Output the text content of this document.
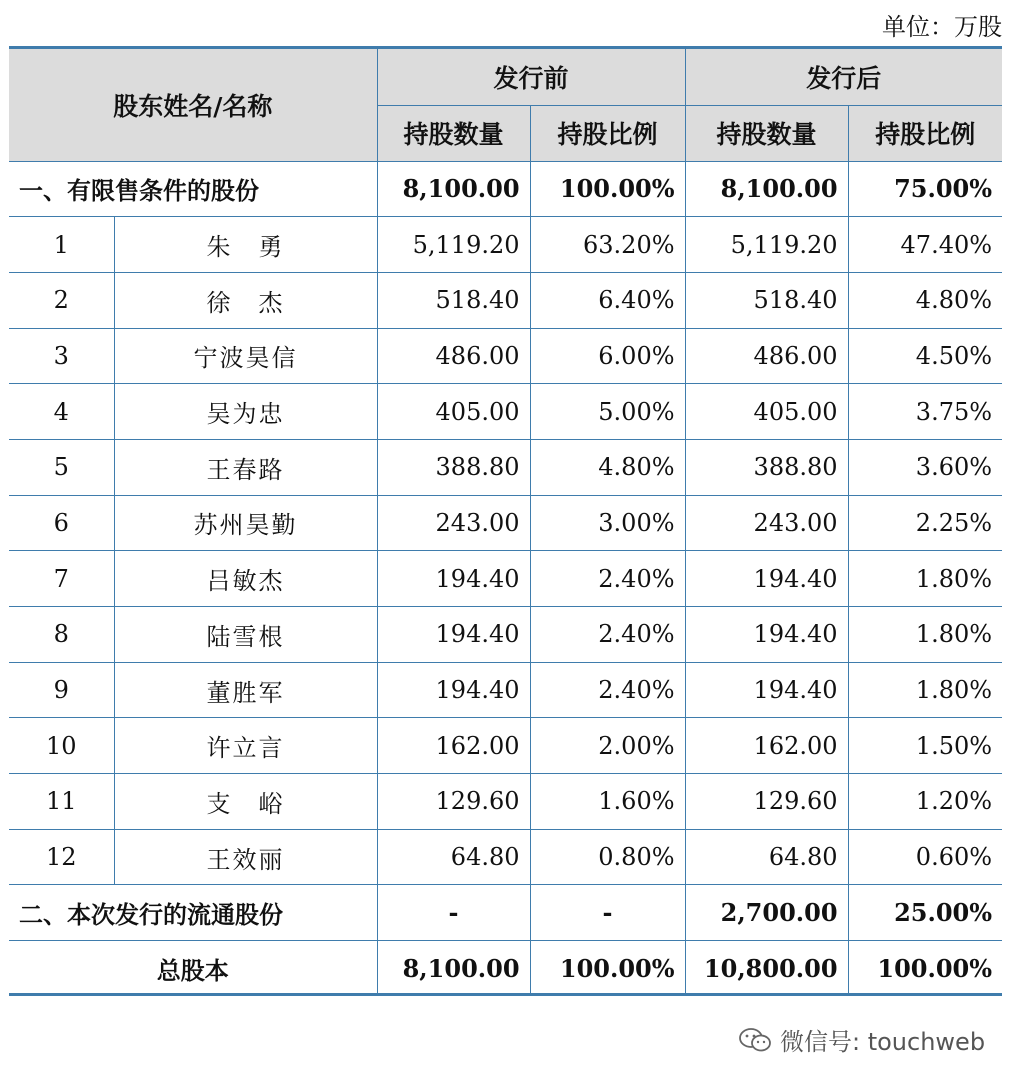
单位：万股
股东姓名/名称		发行前		发行后	
		持股数量	持股比例	持股数量	持股比例
一、有限售条件的股份		8,100.00	100.00%	8,100.00	75.00%
1	朱　勇	5,119.20	63.20%	5,119.20	47.40%
2	徐　杰	518.40	6.40%	518.40	4.80%
3	宁波昊信	486.00	6.00%	486.00	4.50%
4	吴为忠	405.00	5.00%	405.00	3.75%
5	王春路	388.80	4.80%	388.80	3.60%
6	苏州昊勤	243.00	3.00%	243.00	2.25%
7	吕敏杰	194.40	2.40%	194.40	1.80%
8	陆雪根	194.40	2.40%	194.40	1.80%
9	董胜军	194.40	2.40%	194.40	1.80%
10	许立言	162.00	2.00%	162.00	1.50%
11	支　峪	129.60	1.60%	129.60	1.20%
12	王效丽	64.80	0.80%	64.80	0.60%
二、本次发行的流通股份		-	-	2,700.00	25.00%
总股本		8,100.00	100.00%	10,800.00	100.00%
微信号: touchweb
